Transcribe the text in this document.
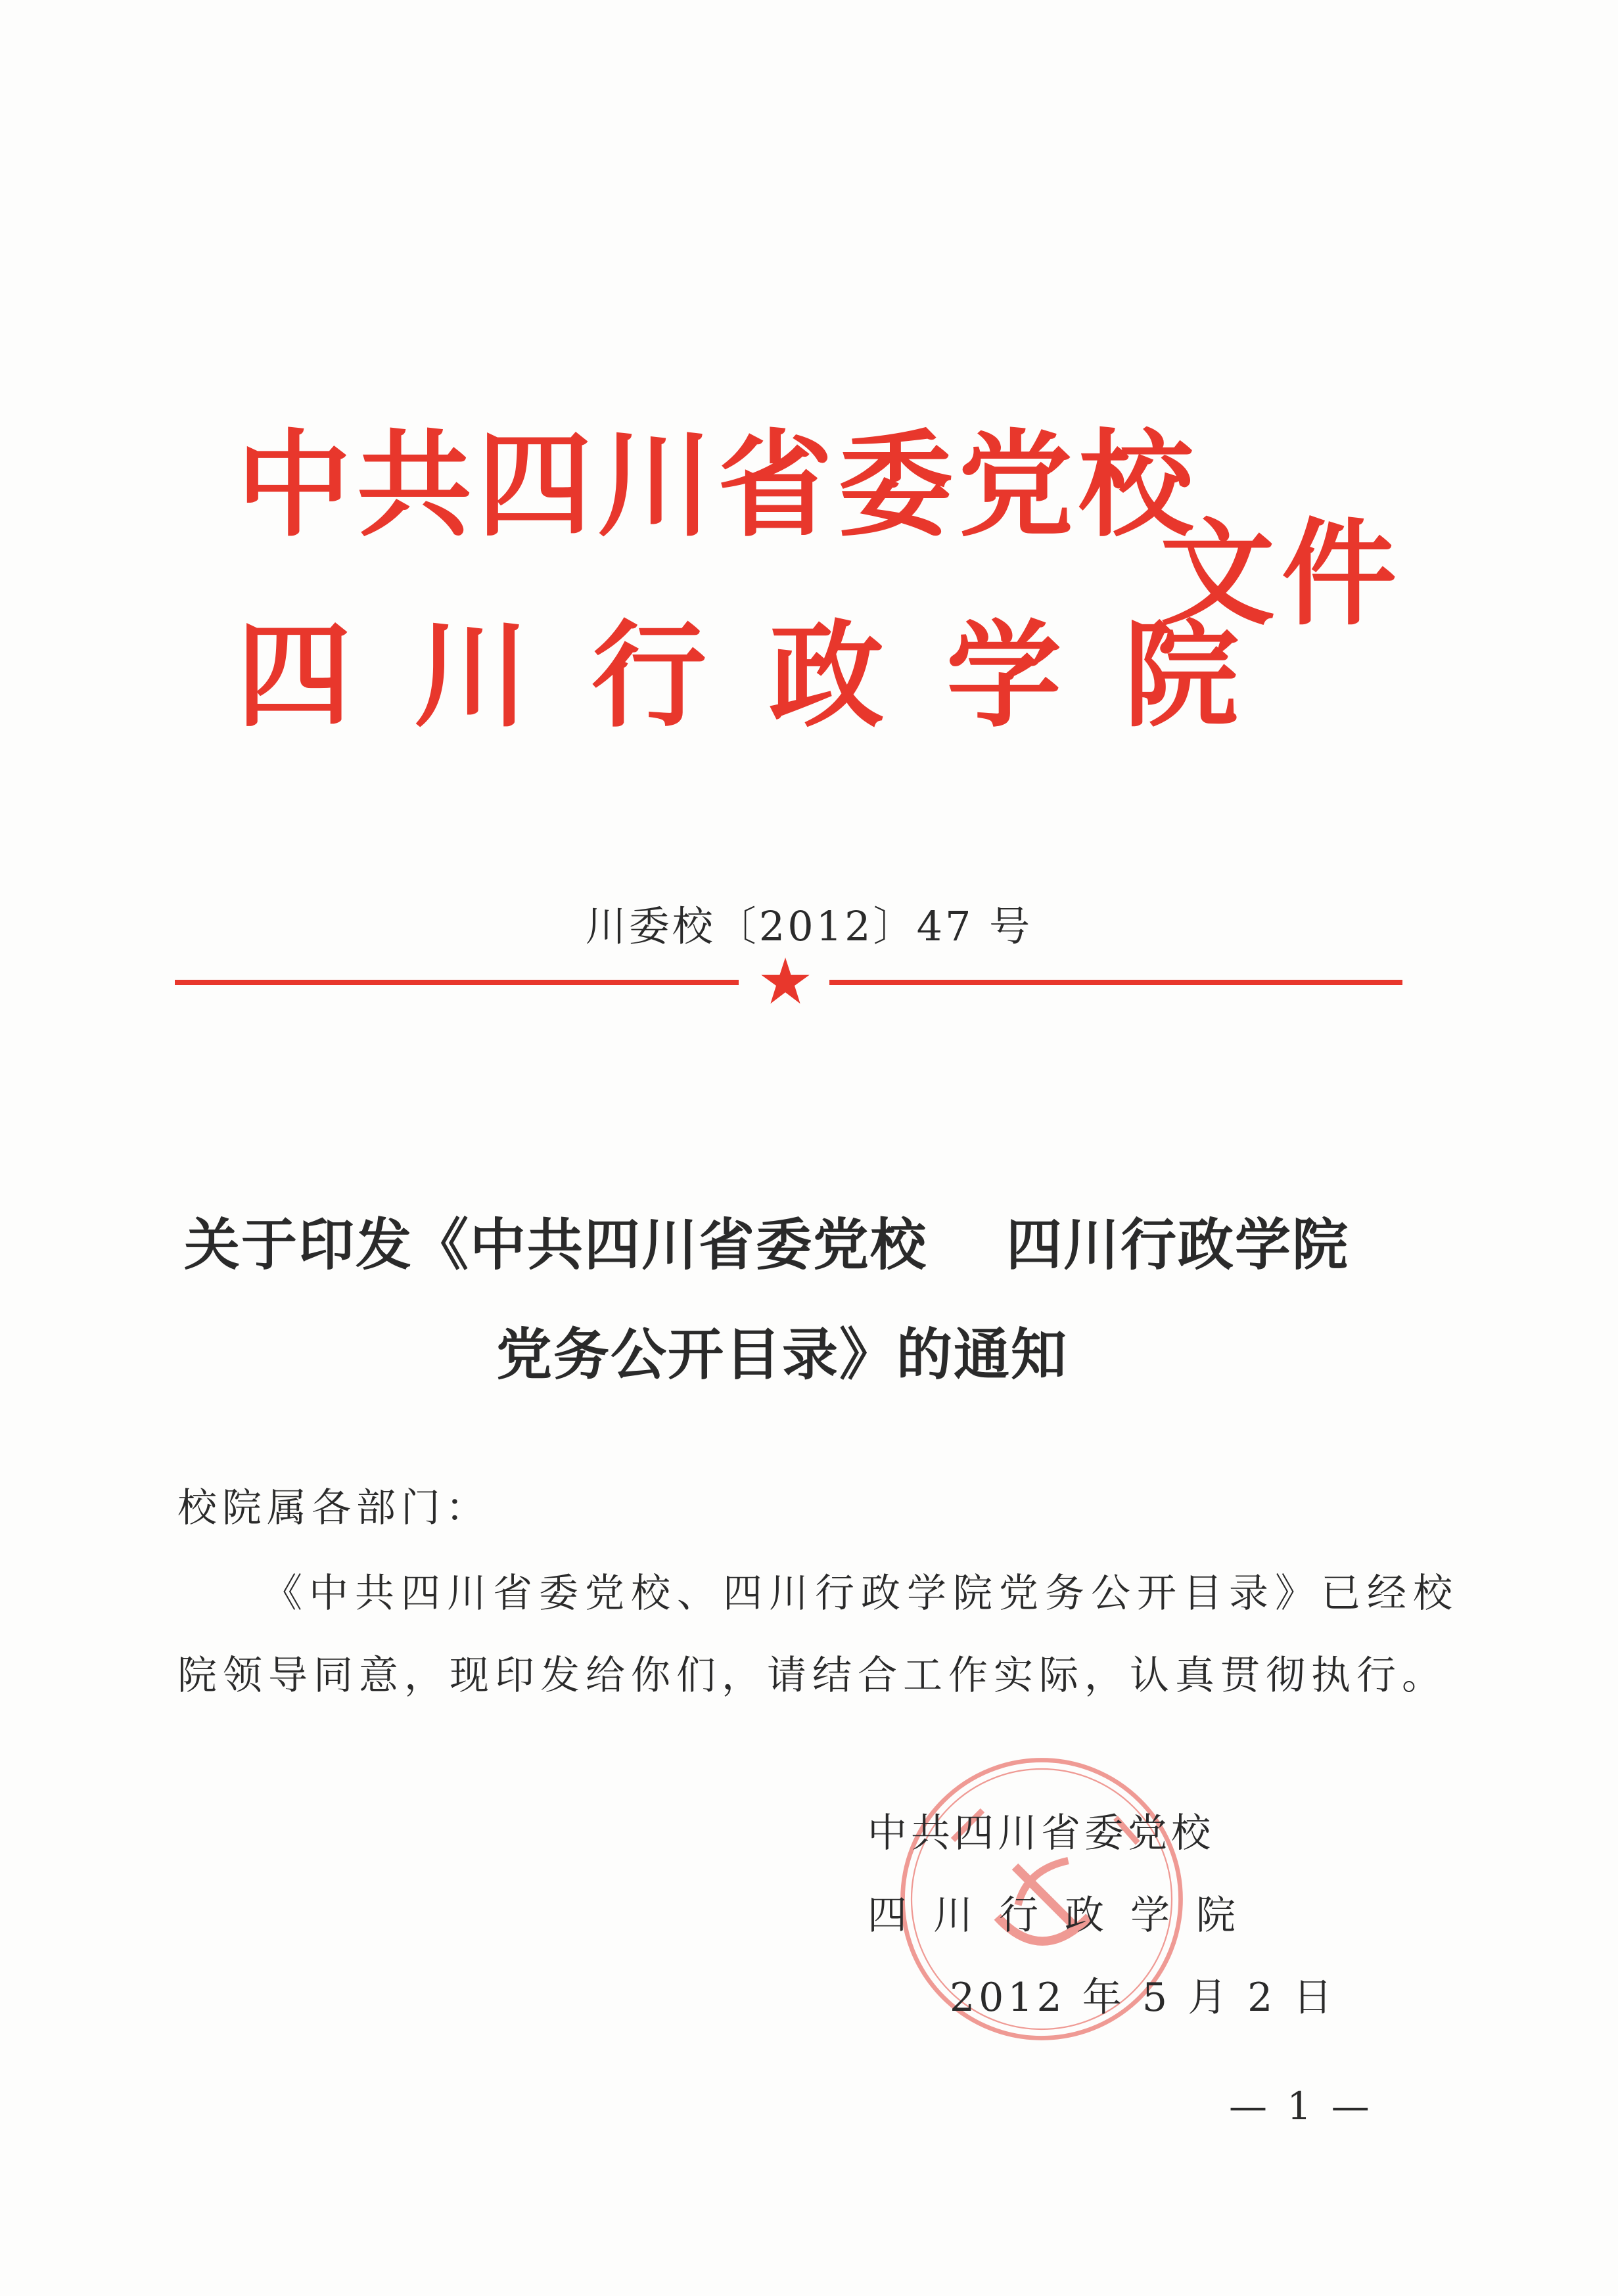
中共四川省委党校
四川行政学院
文件
川委校〔2012〕47 号
关于印发《中共四川省委党校 四川行政学院
党务公开目录》的通知
校院属各部门：
《中共四川省委党校、四川行政学院党务公开目录》已经校
院领导同意，现印发给你们，请结合工作实际，认真贯彻执行。
中共四川省委党校
四川行政学院
2012 年 5 月 2 日
— 1 —
